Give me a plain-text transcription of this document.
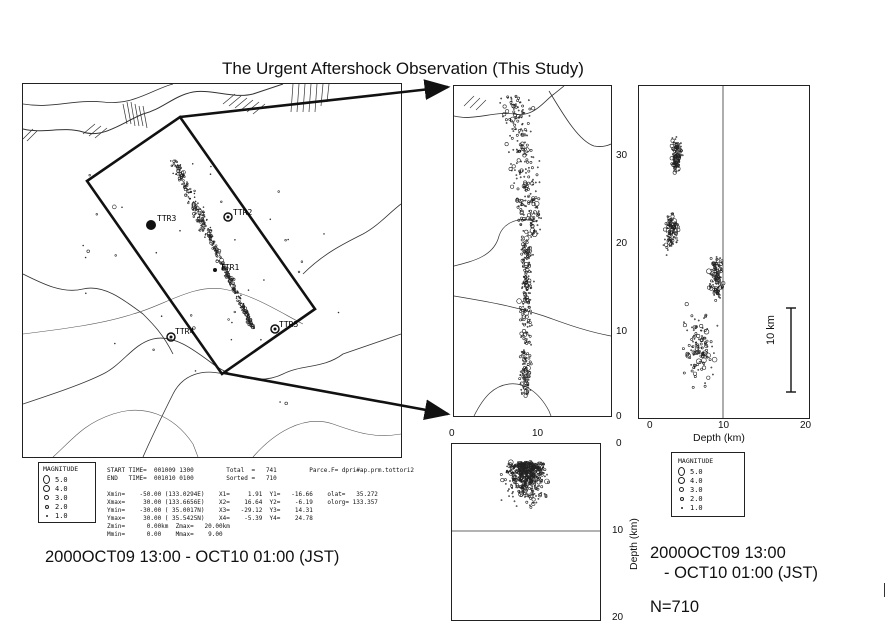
The Urgent Aftershock Observation (This Study)
TTR3
TTR2
TTR1
TTR4
TTR5
MAGNITUDE
5.0
4.0
3.0
2.0
1.0
START TIME=  001009 1300         Total  =   741         Parce.F= dpri#ap.prm.tottori2
END   TIME=  001010 0100         Sorted =   710

Xmin=    -50.00 (133.0294E)    X1=     1.91  Y1=   -16.66    olat=   35.272
Xmax=     30.00 (133.6656E)    X2=    16.64  Y2=    -6.19    olorg= 133.357
Ymin=    -30.00 ( 35.0017N)    X3=   -29.12  Y3=    14.31
Ymax=     30.00 ( 35.5425N)    X4=    -5.39  Y4=    24.78
Zmin=      0.00km  Zmax=   20.00km
Mmin=      0.00    Mmax=    9.00
2000OCT09 13:00 - OCT10 01:00 (JST)
0	10
10 km
30
20
10
0
0	10	20
Depth (km)
0
10
20
Depth (km)
MAGNITUDE
5.0
4.0
3.0
2.0
1.0
2000OCT09 13:00
- OCT10 01:00 (JST)
N=710
